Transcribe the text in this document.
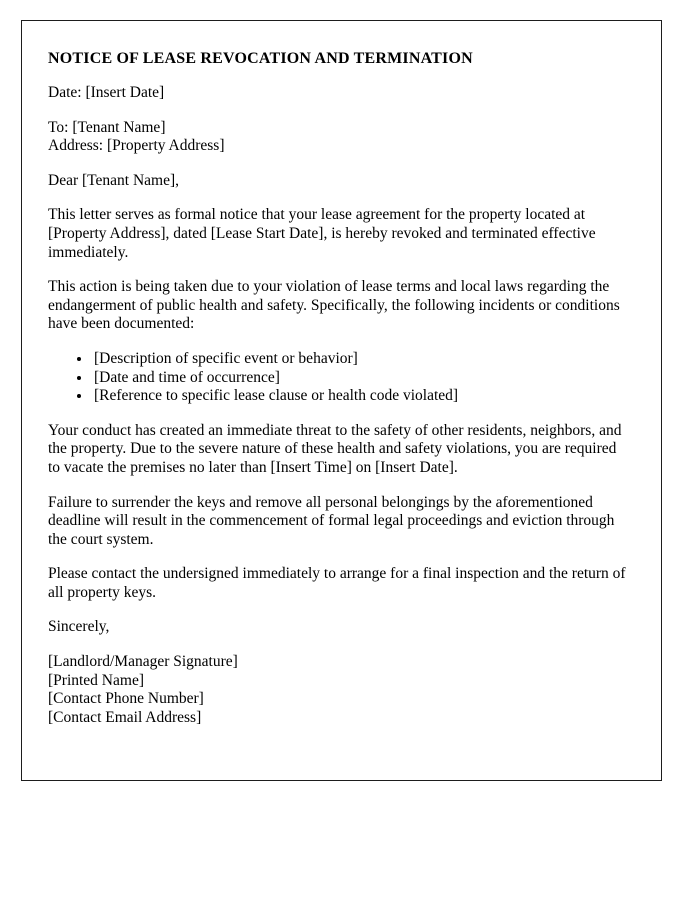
NOTICE OF LEASE REVOCATION AND TERMINATION

Date: [Insert Date]

To: [Tenant Name]
Address: [Property Address]

Dear [Tenant Name],

This letter serves as formal notice that your lease agreement for the property located at [Property Address], dated [Lease Start Date], is hereby revoked and terminated effective immediately.

This action is being taken due to your violation of lease terms and local laws regarding the endangerment of public health and safety. Specifically, the following incidents or conditions have been documented:

• [Description of specific event or behavior]
• [Date and time of occurrence]
• [Reference to specific lease clause or health code violated]

Your conduct has created an immediate threat to the safety of other residents, neighbors, and the property. Due to the severe nature of these health and safety violations, you are required to vacate the premises no later than [Insert Time] on [Insert Date].

Failure to surrender the keys and remove all personal belongings by the aforementioned deadline will result in the commencement of formal legal proceedings and eviction through the court system.

Please contact the undersigned immediately to arrange for a final inspection and the return of all property keys.

Sincerely,

[Landlord/Manager Signature]
[Printed Name]
[Contact Phone Number]
[Contact Email Address]
